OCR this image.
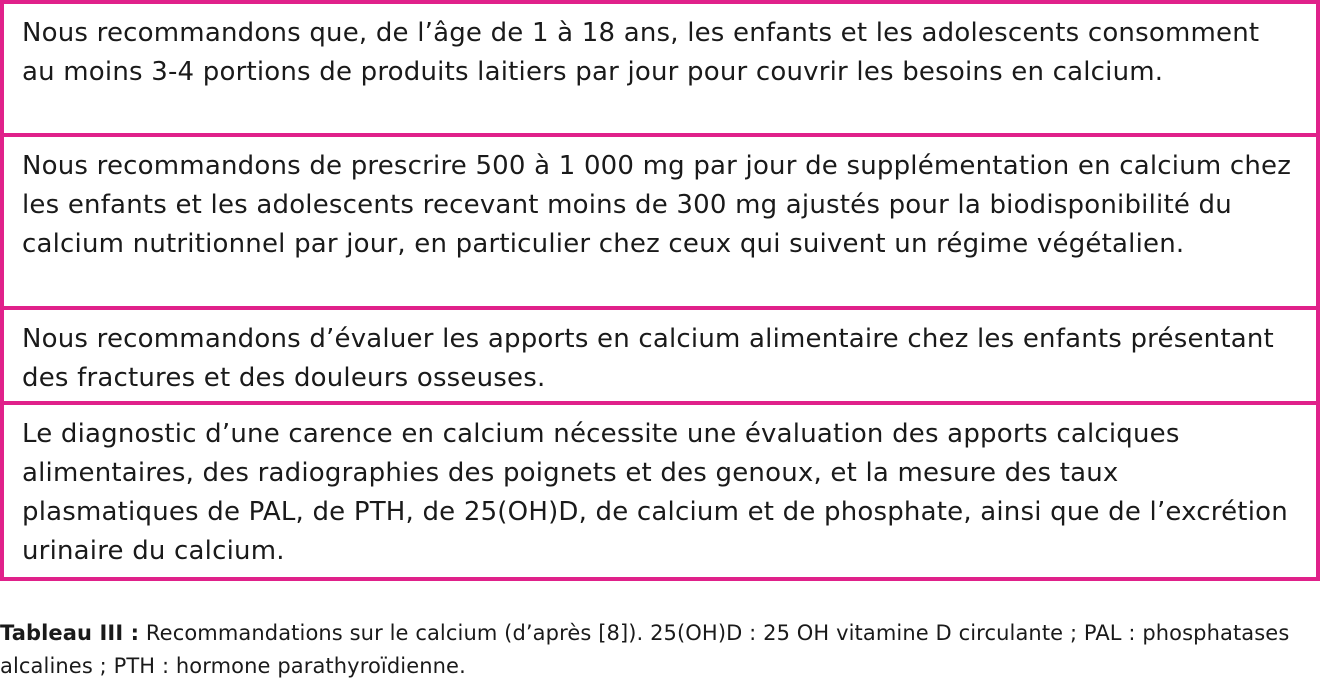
Nous recommandons que, de l’âge de 1 à 18 ans, les enfants et les adolescents consomment au moins 3-4 portions de produits laitiers par jour pour couvrir les besoins en calcium.
Nous recommandons de prescrire 500 à 1 000 mg par jour de supplémentation en calcium chez les enfants et les adolescents recevant moins de 300 mg ajustés pour la biodisponibilité du calcium nutritionnel par jour, en particulier chez ceux qui suivent un régime végétalien.
Nous recommandons d’évaluer les apports en calcium alimentaire chez les enfants présentant des fractures et des douleurs osseuses.
Le diagnostic d’une carence en calcium nécessite une évaluation des apports calciques alimentaires, des radiographies des poignets et des genoux, et la mesure des taux plasmatiques de PAL, de PTH, de 25(OH)D, de calcium et de phosphate, ainsi que de l’excrétion urinaire du calcium.
Tableau III : Recommandations sur le calcium (d’après [8]). 25(OH)D : 25 OH vitamine D circulante ; PAL : phosphatases alcalines ; PTH : hormone parathyroïdienne.
